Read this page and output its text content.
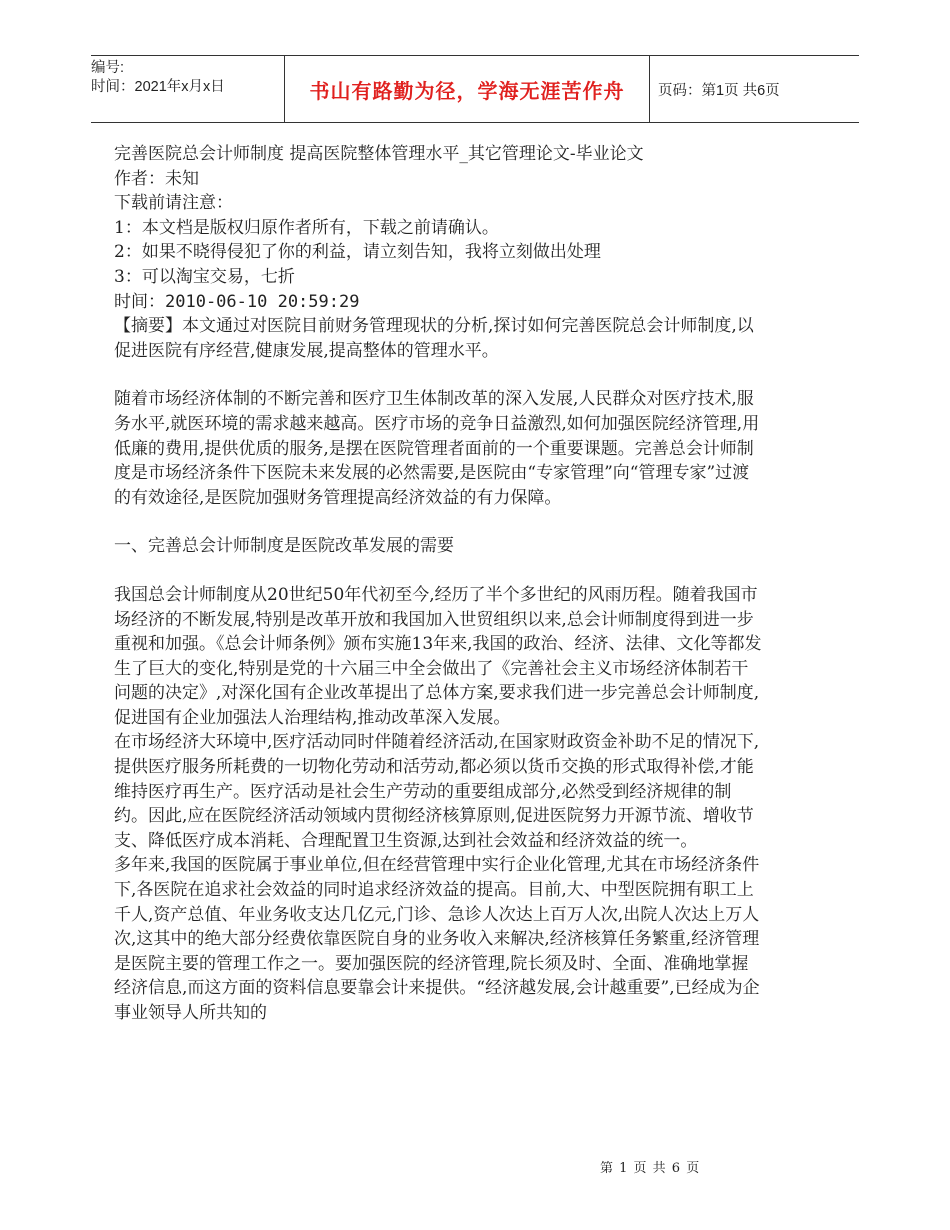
编号:
时间：2021年x月x日	书山有路勤为径，学海无涯苦作舟 页码：第1页 共6页

完善医院总会计师制度 提高医院整体管理水平_其它管理论文-毕业论文

作者：未知

下载前请注意：

1：本文档是版权归原作者所有，下载之前请确认。

2：如果不晓得侵犯了你的利益，请立刻告知，我将立刻做出处理

3：可以淘宝交易，七折

时间：2010-06-10 20:59:29

【摘要】本文通过对医院目前财务管理现状的分析,探讨如何完善医院总会计师制度,以促进医院有序经营,健康发展,提高整体的管理水平。

随着市场经济体制的不断完善和医疗卫生体制改革的深入发展,人民群众对医疗技术,服务水平,就医环境的需求越来越高。医疗市场的竞争日益激烈,如何加强医院经济管理,用低廉的费用,提供优质的服务,是摆在医院管理者面前的一个重要课题。完善总会计师制度是市场经济条件下医院未来发展的必然需要,是医院由“专家管理”向“管理专家”过渡的有效途径,是医院加强财务管理提高经济效益的有力保障。

一、完善总会计师制度是医院改革发展的需要

我国总会计师制度从20世纪50年代初至今,经历了半个多世纪的风雨历程。随着我国市场经济的不断发展,特别是改革开放和我国加入世贸组织以来,总会计师制度得到进一步重视和加强。《总会计师条例》颁布实施13年来,我国的政治、经济、法律、文化等都发生了巨大的变化,特别是党的十六届三中全会做出了《完善社会主义市场经济体制若干问题的决定》,对深化国有企业改革提出了总体方案,要求我们进一步完善总会计师制度,促进国有企业加强法人治理结构,推动改革深入发展。

在市场经济大环境中,医疗活动同时伴随着经济活动,在国家财政资金补助不足的情况下,提供医疗服务所耗费的一切物化劳动和活劳动,都必须以货币交换的形式取得补偿,才能维持医疗再生产。医疗活动是社会生产劳动的重要组成部分,必然受到经济规律的制约。因此,应在医院经济活动领域内贯彻经济核算原则,促进医院努力开源节流、增收节支、降低医疗成本消耗、合理配置卫生资源,达到社会效益和经济效益的统一。

多年来,我国的医院属于事业单位,但在经营管理中实行企业化管理,尤其在市场经济条件下,各医院在追求社会效益的同时追求经济效益的提高。目前,大、中型医院拥有职工上千人,资产总值、年业务收支达几亿元,门诊、急诊人次达上百万人次,出院人次达上万人次,这其中的绝大部分经费依靠医院自身的业务收入来解决,经济核算任务繁重,经济管理是医院主要的管理工作之一。要加强医院的经济管理,院长须及时、全面、准确地掌握经济信息,而这方面的资料信息要靠会计来提供。“经济越发展,会计越重要”,已经成为企事业领导人所共知的

第 1 页 共 6 页
